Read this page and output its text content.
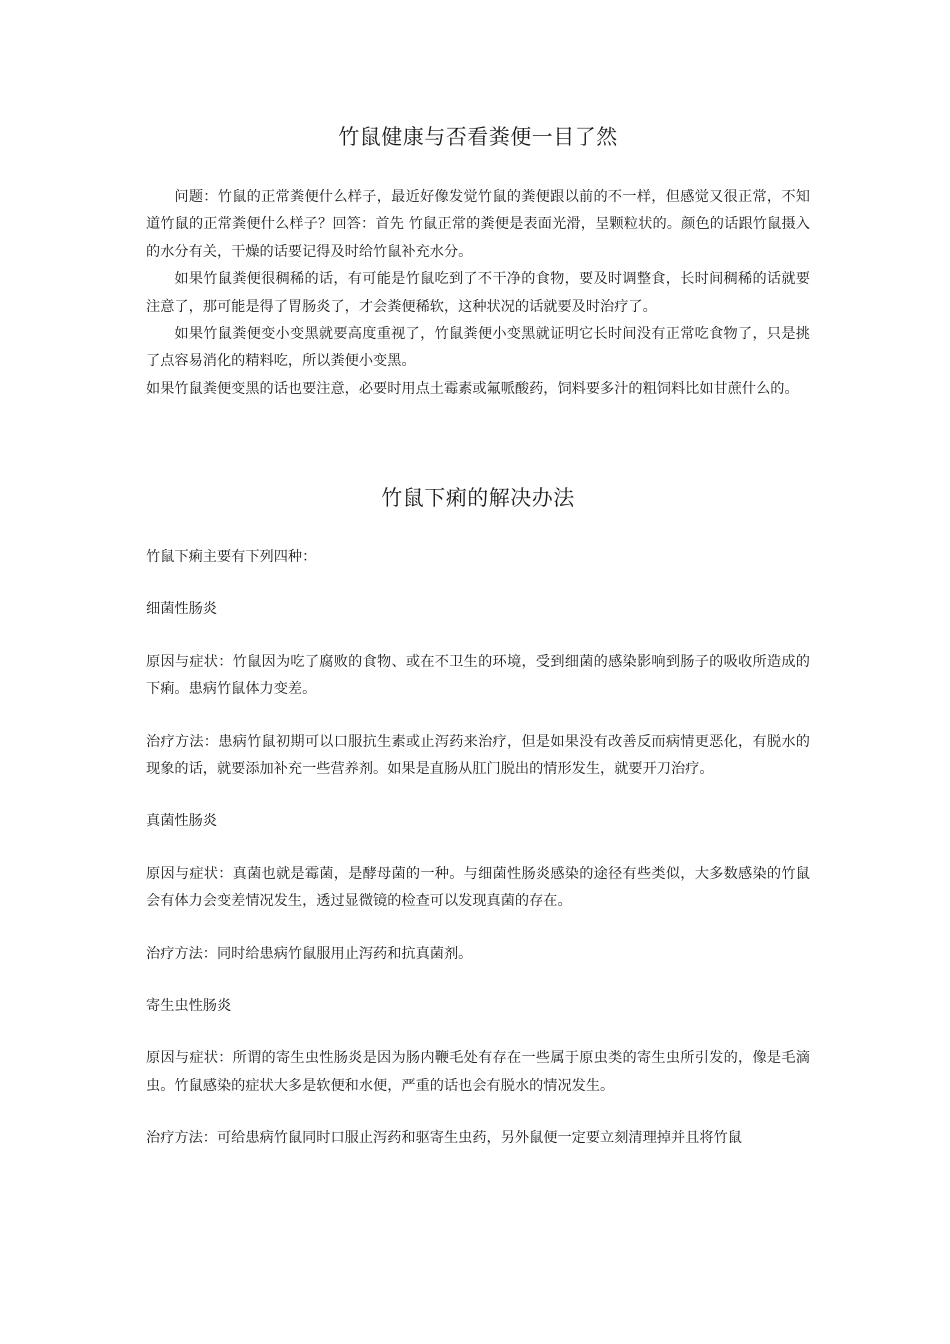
竹鼠健康与否看粪便一目了然

问题：竹鼠的正常粪便什么样子，最近好像发觉竹鼠的粪便跟以前的不一样，但感觉又很正常，不知道竹鼠的正常粪便什么样子？回答：首先 竹鼠正常的粪便是表面光滑，呈颗粒状的。颜色的话跟竹鼠摄入的水分有关，干燥的话要记得及时给竹鼠补充水分。

如果竹鼠粪便很稠稀的话，有可能是竹鼠吃到了不干净的食物，要及时调整食，长时间稠稀的话就要注意了，那可能是得了胃肠炎了，才会粪便稀软，这种状况的话就要及时治疗了。

如果竹鼠粪便变小变黑就要高度重视了，竹鼠粪便小变黑就证明它长时间没有正常吃食物了，只是挑了点容易消化的精料吃，所以粪便小变黑。

如果竹鼠粪便变黑的话也要注意，必要时用点土霉素或氟哌酸药，饲料要多汁的粗饲料比如甘蔗什么的。

竹鼠下痢的解决办法

竹鼠下痢主要有下列四种：

细菌性肠炎

原因与症状：竹鼠因为吃了腐败的食物、或在不卫生的环境，受到细菌的感染影响到肠子的吸收所造成的下痢。患病竹鼠体力变差。

治疗方法：患病竹鼠初期可以口服抗生素或止泻药来治疗，但是如果没有改善反而病情更恶化，有脱水的现象的话，就要添加补充一些营养剂。如果是直肠从肛门脱出的情形发生，就要开刀治疗。

真菌性肠炎

原因与症状：真菌也就是霉菌，是酵母菌的一种。与细菌性肠炎感染的途径有些类似，大多数感染的竹鼠会有体力会变差情况发生，透过显微镜的检查可以发现真菌的存在。

治疗方法：同时给患病竹鼠服用止泻药和抗真菌剂。

寄生虫性肠炎

原因与症状：所谓的寄生虫性肠炎是因为肠内鞭毛处有存在一些属于原虫类的寄生虫所引发的，像是毛滴虫。竹鼠感染的症状大多是软便和水便，严重的话也会有脱水的情况发生。

治疗方法：可给患病竹鼠同时口服止泻药和驱寄生虫药，另外鼠便一定要立刻清理掉并且将竹鼠
